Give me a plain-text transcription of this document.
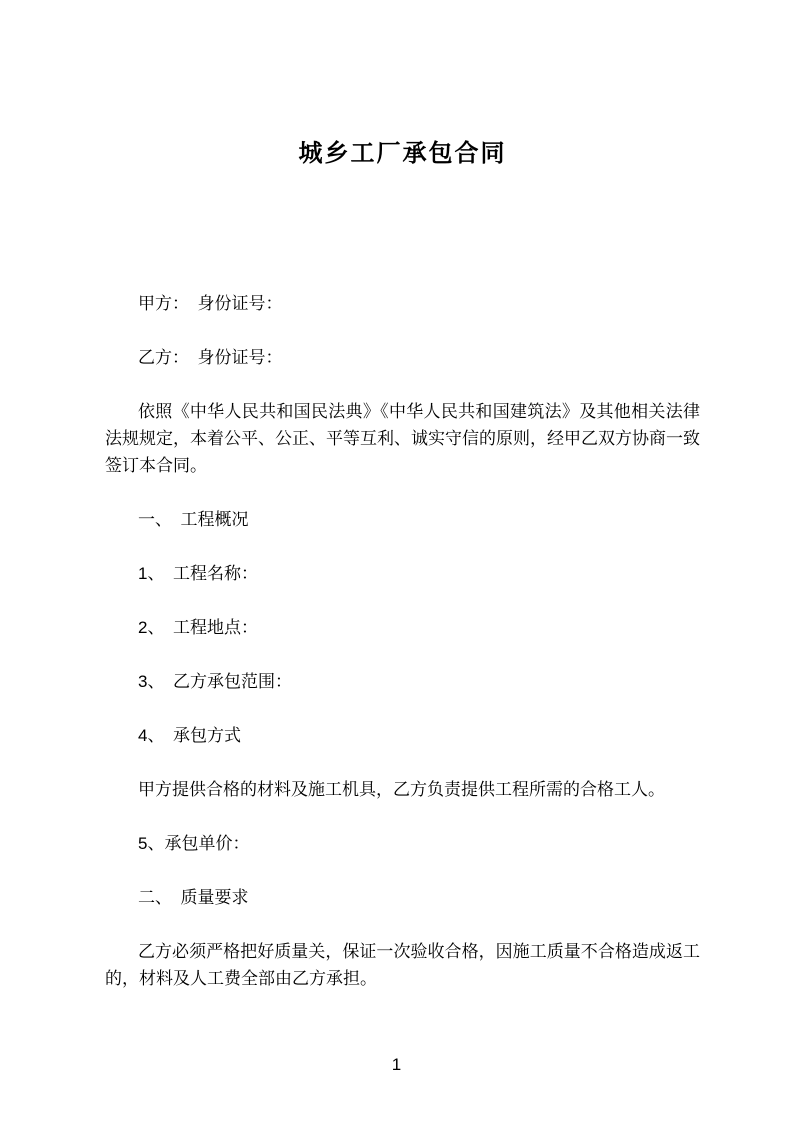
城乡工厂承包合同

甲方：　身份证号：

乙方：　身份证号：

依照《中华人民共和国民法典》《中华人民共和国建筑法》及其他相关法律法规规定，本着公平、公正、平等互利、诚实守信的原则，经甲乙双方协商一致签订本合同。

一、　工程概况

1、　工程名称：

2、　工程地点：

3、　乙方承包范围：

4、　承包方式

甲方提供合格的材料及施工机具，乙方负责提供工程所需的合格工人。

5、承包单价：

二、　质量要求

乙方必须严格把好质量关，保证一次验收合格，因施工质量不合格造成返工的，材料及人工费全部由乙方承担。

1
